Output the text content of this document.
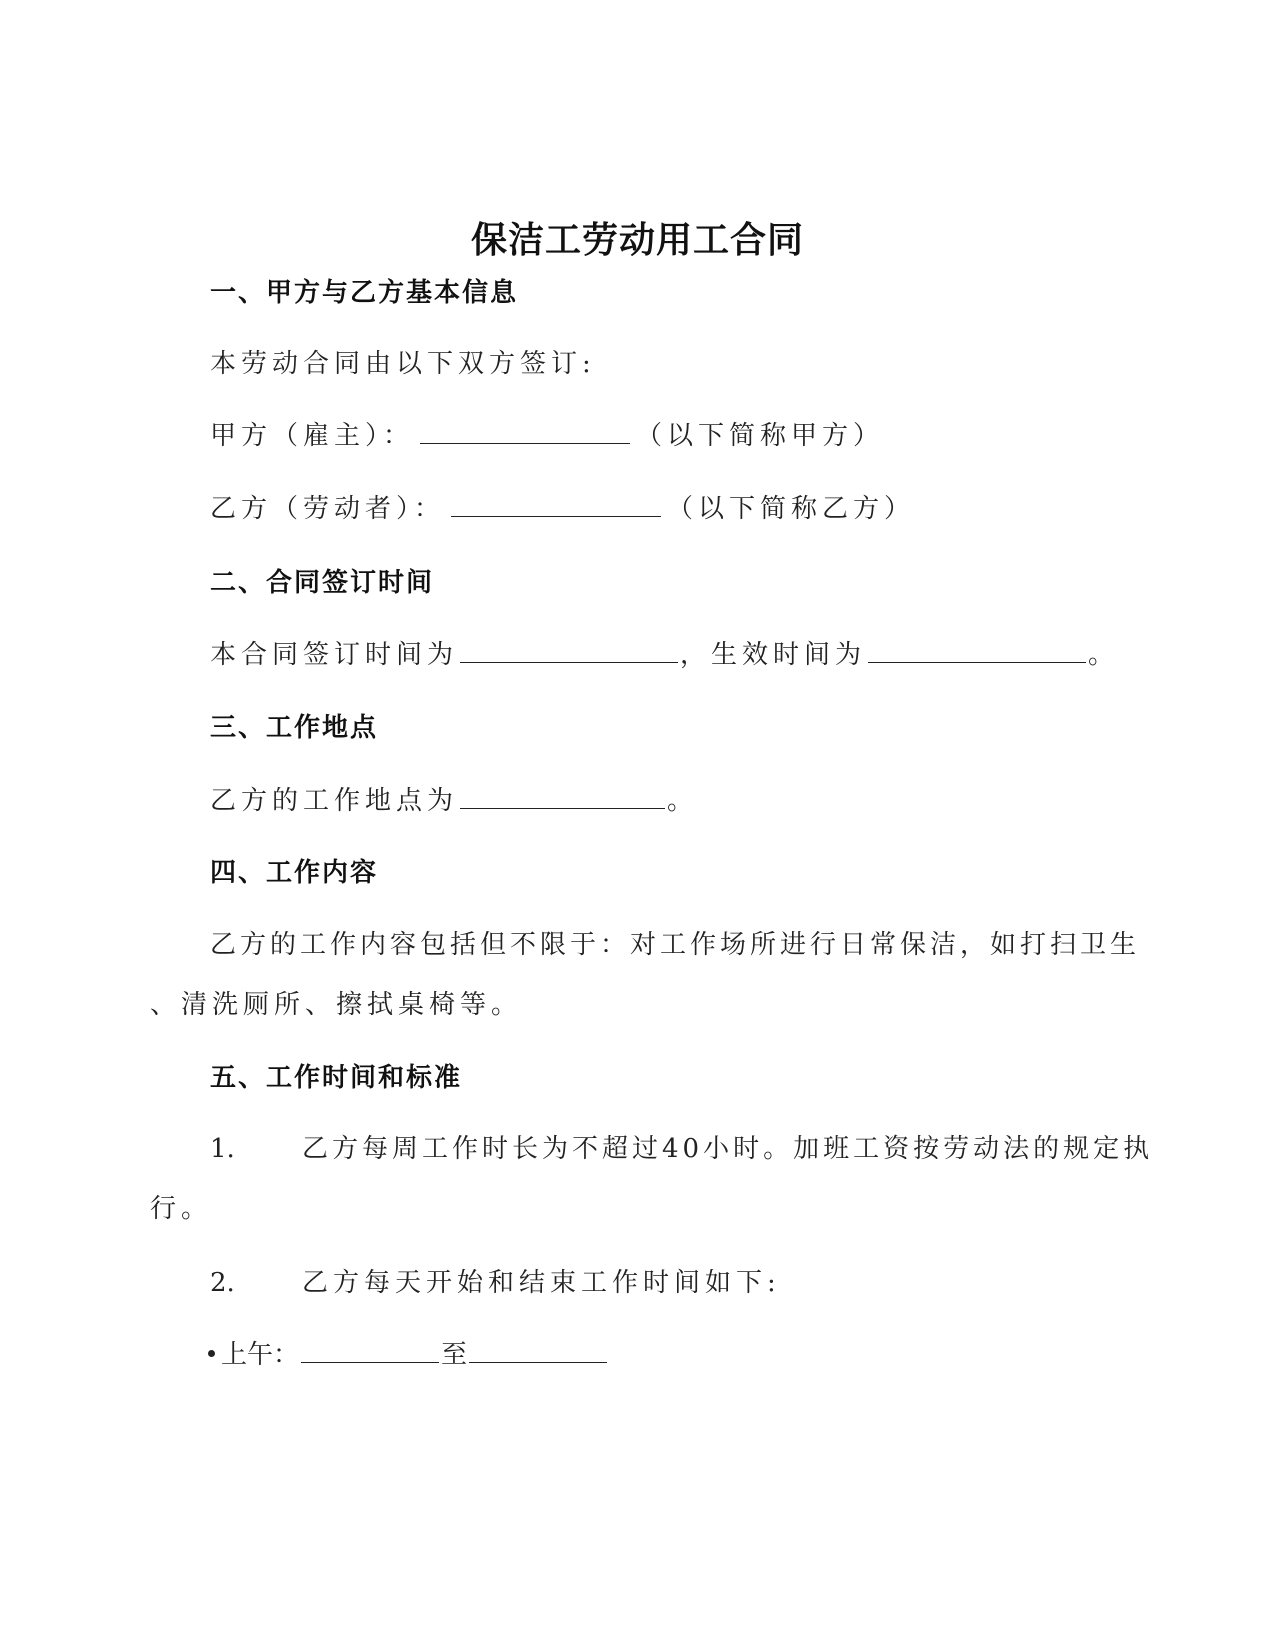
保洁工劳动用工合同
一、甲方与乙方基本信息
本劳动合同由以下双方签订:
甲方（雇主）：	（以下简称甲方）
乙方（劳动者）：	（以下简称乙方）
二、合同签订时间
本合同签订时间为	，生效时间为	。
三、工作地点
乙方的工作地点为	。
四、工作内容
乙方的工作内容包括但不限于：对工作场所进行日常保洁，如打扫卫生
、清洗厕所、擦拭桌椅等。
五、工作时间和标准
1.	乙方每周工作时长为不超过40小时。加班工资按劳动法的规定执
行。
2.	乙方每天开始和结束工作时间如下:
上午：	至
